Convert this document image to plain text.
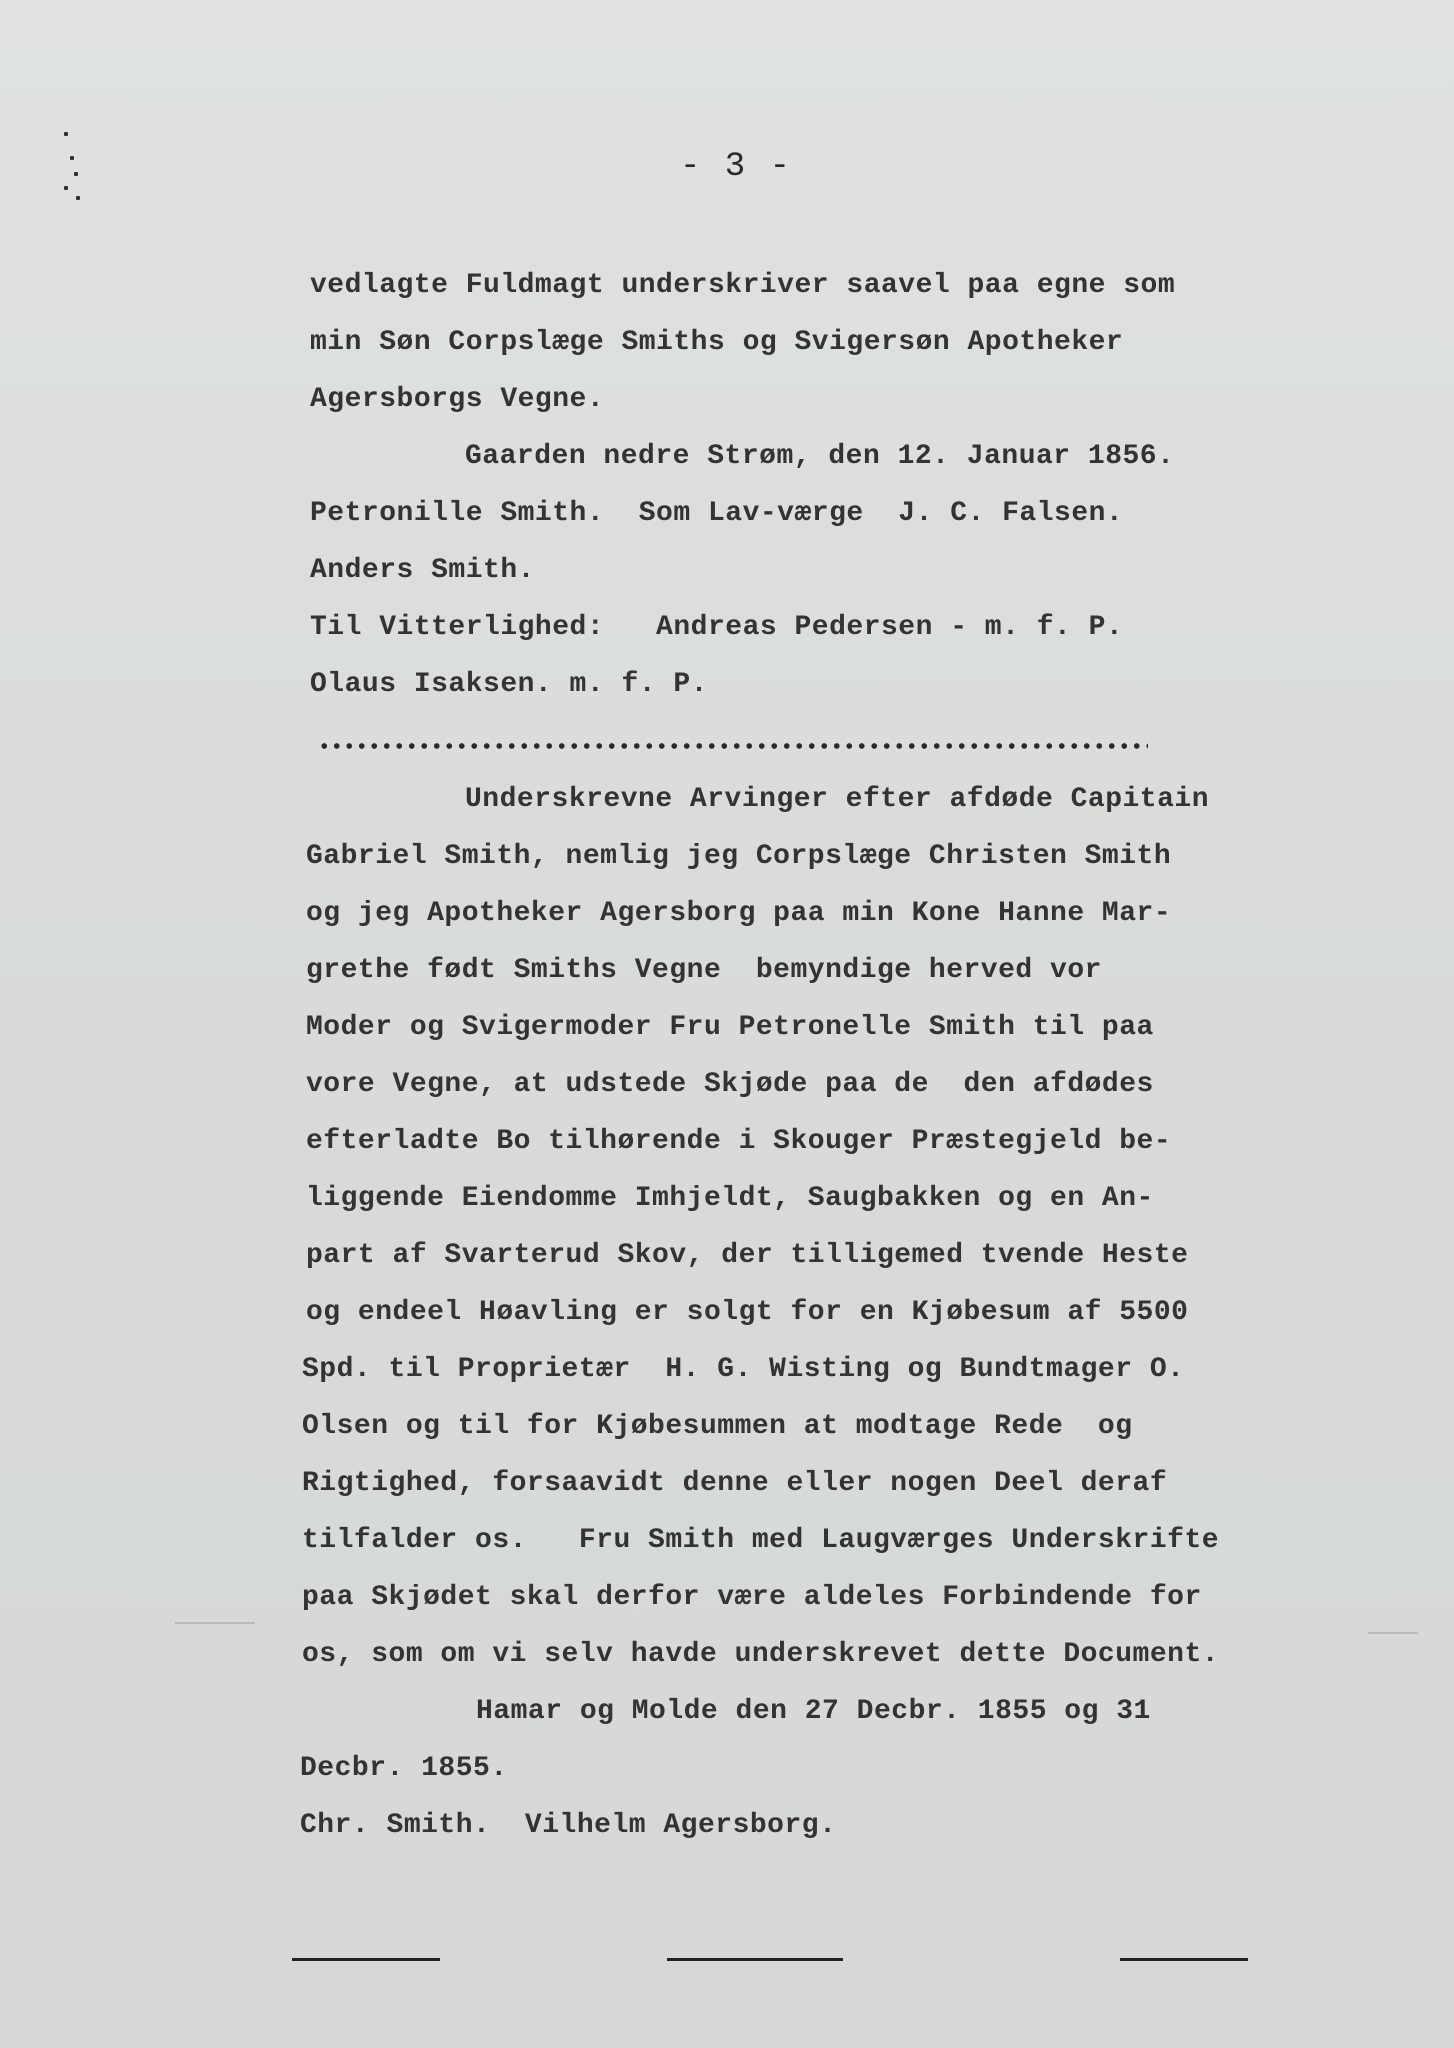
- 3 -
vedlagte Fuldmagt underskriver saavel paa egne som
min Søn Corpslæge Smiths og Svigersøn Apotheker
Agersborgs Vegne.
Gaarden nedre Strøm, den 12. Januar 1856.
Petronille Smith.  Som Lav-værge  J. C. Falsen.
Anders Smith.
Til Vitterlighed:   Andreas Pedersen - m. f. P.
Olaus Isaksen. m. f. P.
Underskrevne Arvinger efter afdøde Capitain
Gabriel Smith, nemlig jeg Corpslæge Christen Smith
og jeg Apotheker Agersborg paa min Kone Hanne Mar-
grethe født Smiths Vegne  bemyndige herved vor
Moder og Svigermoder Fru Petronelle Smith til paa
vore Vegne, at udstede Skjøde paa de  den afdødes
efterladte Bo tilhørende i Skouger Præstegjeld be-
liggende Eiendomme Imhjeldt, Saugbakken og en An-
part af Svarterud Skov, der tilligemed tvende Heste
og endeel Høavling er solgt for en Kjøbesum af 5500
Spd. til Proprietær  H. G. Wisting og Bundtmager O.
Olsen og til for Kjøbesummen at modtage Rede  og
Rigtighed, forsaavidt denne eller nogen Deel deraf
tilfalder os.   Fru Smith med Laugværges Underskrifte
paa Skjødet skal derfor være aldeles Forbindende for
os, som om vi selv havde underskrevet dette Document.
Hamar og Molde den 27 Decbr. 1855 og 31
Decbr. 1855.
Chr. Smith.  Vilhelm Agersborg.
